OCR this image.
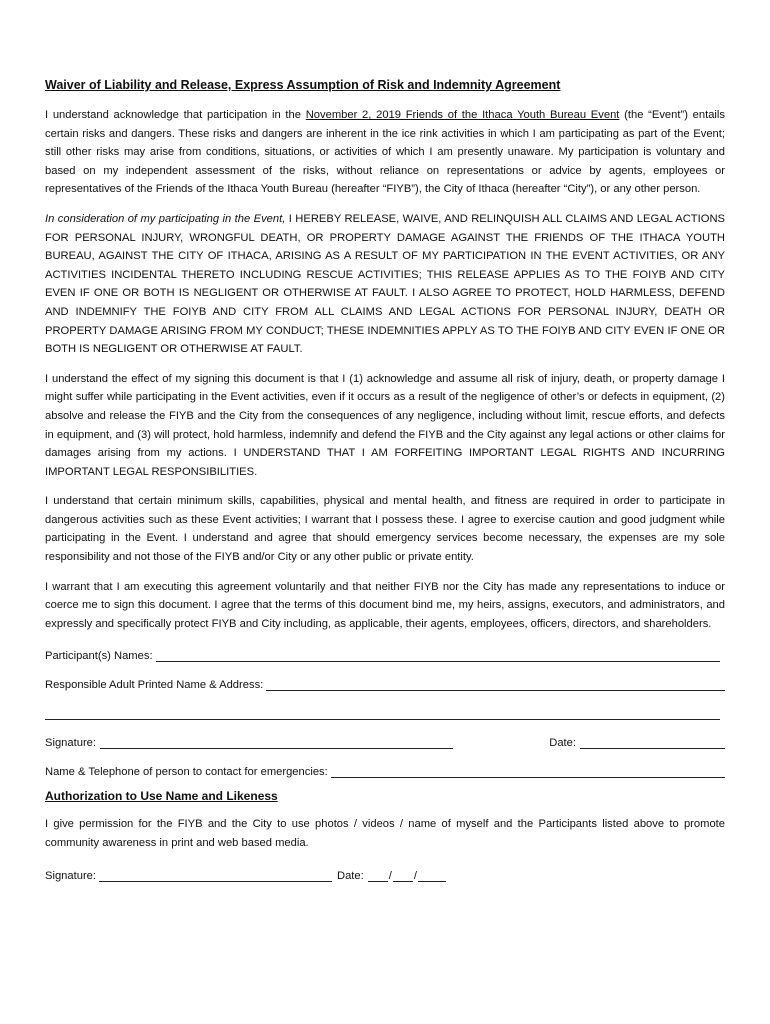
Waiver of Liability and Release, Express Assumption of Risk and Indemnity Agreement

I understand acknowledge that participation in the November 2, 2019 Friends of the Ithaca Youth Bureau Event (the “Event”) entails certain risks and dangers. These risks and dangers are inherent in the ice rink activities in which I am participating as part of the Event; still other risks may arise from conditions, situations, or activities of which I am presently unaware. My participation is voluntary and based on my independent assessment of the risks, without reliance on representations or advice by agents, employees or representatives of the Friends of the Ithaca Youth Bureau (hereafter “FIYB”), the City of Ithaca (hereafter “City”), or any other person.

In consideration of my participating in the Event, I HEREBY RELEASE, WAIVE, AND RELINQUISH ALL CLAIMS AND LEGAL ACTIONS FOR PERSONAL INJURY, WRONGFUL DEATH, OR PROPERTY DAMAGE AGAINST THE FRIENDS OF THE ITHACA YOUTH BUREAU, AGAINST THE CITY OF ITHACA, ARISING AS A RESULT OF MY PARTICIPATION IN THE EVENT ACTIVITIES, OR ANY ACTIVITIES INCIDENTAL THERETO INCLUDING RESCUE ACTIVITIES; THIS RELEASE APPLIES AS TO THE FOIYB AND CITY EVEN IF ONE OR BOTH IS NEGLIGENT OR OTHERWISE AT FAULT. I ALSO AGREE TO PROTECT, HOLD HARMLESS, DEFEND AND INDEMNIFY THE FOIYB AND CITY FROM ALL CLAIMS AND LEGAL ACTIONS FOR PERSONAL INJURY, DEATH OR PROPERTY DAMAGE ARISING FROM MY CONDUCT; THESE INDEMNITIES APPLY AS TO THE FOIYB AND CITY EVEN IF ONE OR BOTH IS NEGLIGENT OR OTHERWISE AT FAULT.

I understand the effect of my signing this document is that I (1) acknowledge and assume all risk of injury, death, or property damage I might suffer while participating in the Event activities, even if it occurs as a result of the negligence of other’s or defects in equipment, (2) absolve and release the FIYB and the City from the consequences of any negligence, including without limit, rescue efforts, and defects in equipment, and (3) will protect, hold harmless, indemnify and defend the FIYB and the City against any legal actions or other claims for damages arising from my actions. I UNDERSTAND THAT I AM FORFEITING IMPORTANT LEGAL RIGHTS AND INCURRING IMPORTANT LEGAL RESPONSIBILITIES.

I understand that certain minimum skills, capabilities, physical and mental health, and fitness are required in order to participate in dangerous activities such as these Event activities; I warrant that I possess these. I agree to exercise caution and good judgment while participating in the Event. I understand and agree that should emergency services become necessary, the expenses are my sole responsibility and not those of the FIYB and/or City or any other public or private entity.

I warrant that I am executing this agreement voluntarily and that neither FIYB nor the City has made any representations to induce or coerce me to sign this document. I agree that the terms of this document bind me, my heirs, assigns, executors, and administrators, and expressly and specifically protect FIYB and City including, as applicable, their agents, employees, officers, directors, and shareholders.

Participant(s) Names:
Responsible Adult Printed Name & Address:
Signature:	Date:
Name & Telephone of person to contact for emergencies:
Authorization to Use Name and Likeness

I give permission for the FIYB and the City to use photos / videos / name of myself and the Participants listed above to promote community awareness in print and web based media.

Signature:	Date: / /
